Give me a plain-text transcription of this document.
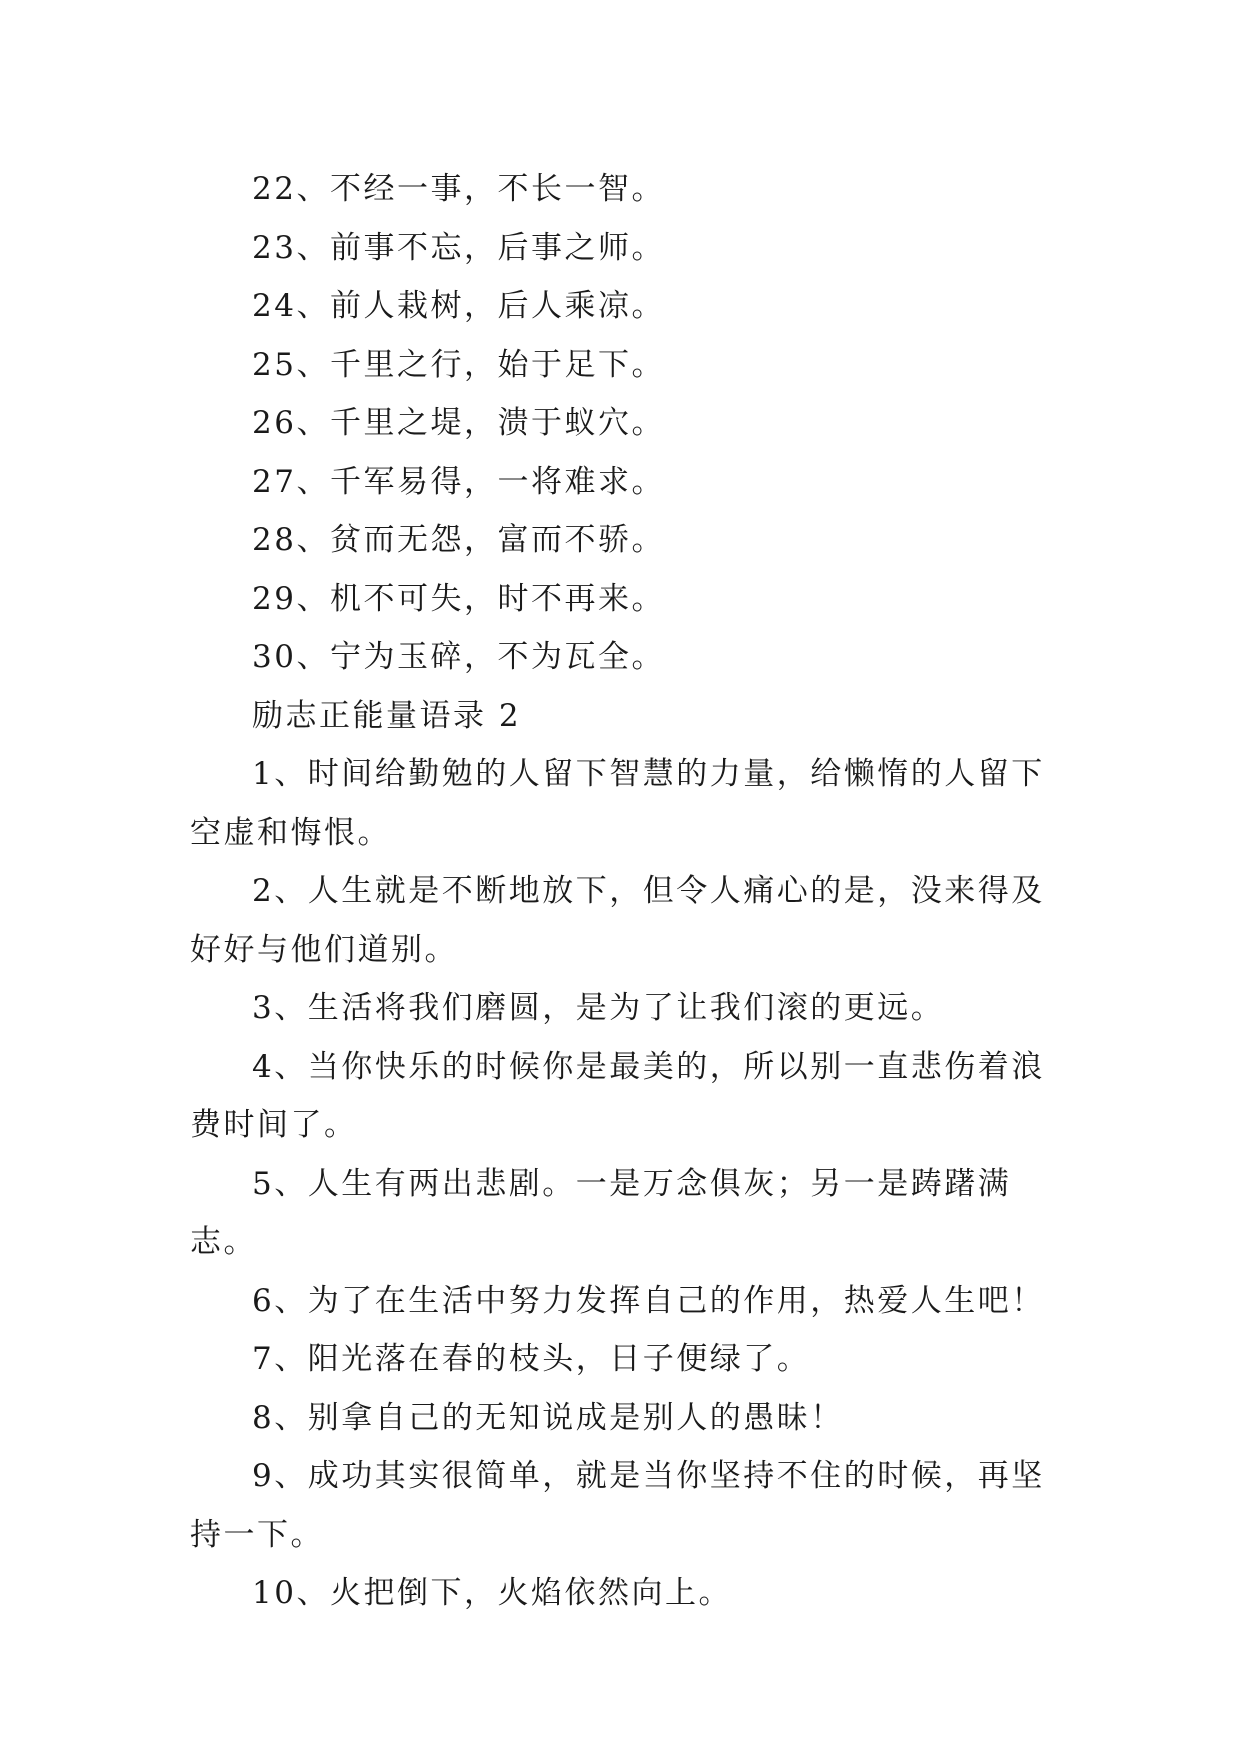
22、不经一事，不长一智。

23、前事不忘，后事之师。

24、前人栽树，后人乘凉。

25、千里之行，始于足下。

26、千里之堤，溃于蚁穴。

27、千军易得，一将难求。

28、贫而无怨，富而不骄。

29、机不可失，时不再来。

30、宁为玉碎，不为瓦全。

励志正能量语录 2

1、时间给勤勉的人留下智慧的力量，给懒惰的人留下空虚和悔恨。

2、人生就是不断地放下，但令人痛心的是，没来得及好好与他们道别。

3、生活将我们磨圆，是为了让我们滚的更远。

4、当你快乐的时候你是最美的，所以别一直悲伤着浪费时间了。

5、人生有两出悲剧。一是万念俱灰；另一是踌躇满志。

6、为了在生活中努力发挥自己的作用，热爱人生吧！

7、阳光落在春的枝头，日子便绿了。

8、别拿自己的无知说成是别人的愚昧！

9、成功其实很简单，就是当你坚持不住的时候，再坚持一下。

10、火把倒下，火焰依然向上。
